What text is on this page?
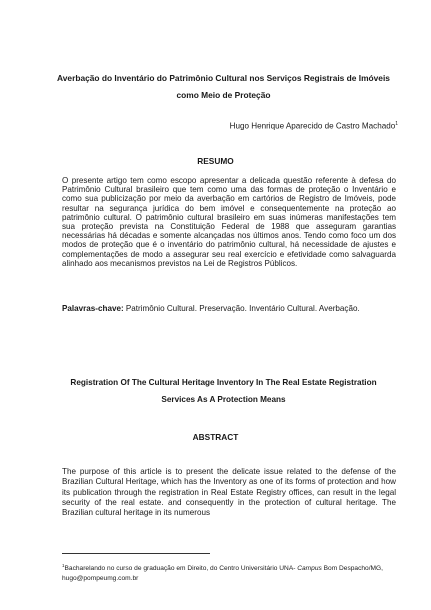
Averbação do Inventário do Patrimônio Cultural nos Serviços Registrais de Imóveis como Meio de Proteção
Hugo Henrique Aparecido de Castro Machado$^1$
RESUMO

O presente artigo tem como escopo apresentar a delicada questão referente à defesa do Patrimônio Cultural brasileiro que tem como uma das formas de proteção o Inventário e como sua publicização por meio da averbação em cartórios de Registro de Imóveis, pode resultar na segurança jurídica do bem imóvel e consequentemente na proteção ao patrimônio cultural. O patrimônio cultural brasileiro em suas inúmeras manifestações tem sua proteção prevista na Constituição Federal de 1988 que asseguram garantias necessárias há décadas e somente alcançadas nos últimos anos. Tendo como foco um dos modos de proteção que é o inventário do patrimônio cultural, há necessidade de ajustes e complementações de modo a assegurar seu real exercício e efetividade como salvaguarda alinhado aos mecanismos previstos na Lei de Registros Públicos.

Palavras-chave: Patrimônio Cultural. Preservação. Inventário Cultural. Averbação.
Registration Of The Cultural Heritage Inventory In The Real Estate Registration Services As A Protection Means
ABSTRACT

The purpose of this article is to present the delicate issue related to the defense of the Brazilian Cultural Heritage, which has the Inventory as one of its forms of protection and how its publication through the registration in Real Estate Registry offices, can result in the legal security of the real estate. and consequently in the protection of cultural heritage. The Brazilian cultural heritage in its numerous

$^1$Bacharelando no curso de graduação em Direito, do Centro Universitário UNA- Campus Bom Despacho/MG, hugo@pompeumg.com.br
